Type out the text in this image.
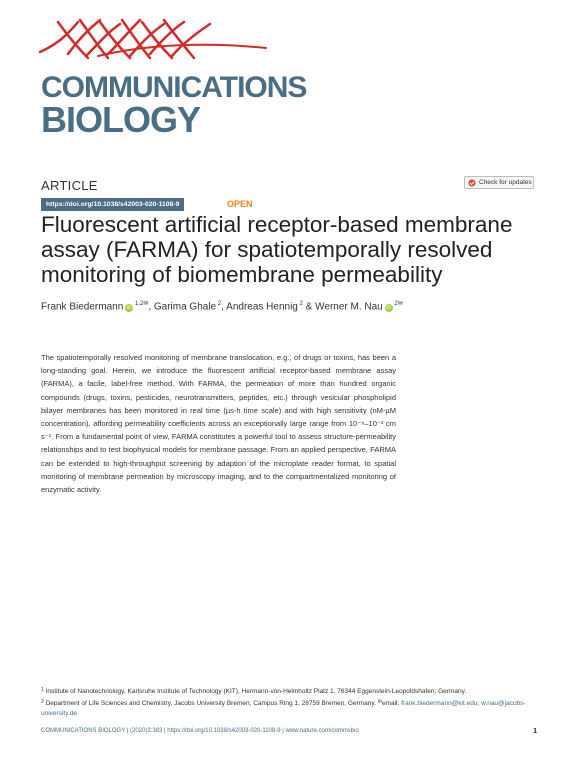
COMMUNICATIONS
BIOLOGY
ARTICLE	Check for updates
https://doi.org/10.1038/s42003-020-1108-9	OPEN
Fluorescent artificial receptor-based membrane assay (FARMA) for spatiotemporally resolved monitoring of biomembrane permeability
Frank Biedermann iD $^{1,2✉}$, Garima Ghale $^2$, Andreas Hennig $^2$ & Werner M. Nau iD $^{2✉}$

The spatiotemporally resolved monitoring of membrane translocation, e.g., of drugs or toxins, has been a long-standing goal. Herein, we introduce the fluorescent artificial receptor-based membrane assay (FARMA), a facile, label-free method. With FARMA, the permeation of more than hundred organic compounds (drugs, toxins, pesticides, neurotransmitters, peptides, etc.) through vesicular phospholipid bilayer membranes has been monitored in real time (µs-h time scale) and with high sensitivity (nM-µM concentration), affording permeability coefficients across an exceptionally large range from 10⁻⁹–10⁻³ cm s⁻¹. From a fundamental point of view, FARMA constitutes a powerful tool to assess structure-permeability relationships and to test biophysical models for membrane passage. From an applied perspective, FARMA can be extended to high-throughput screening by adaption of the microplate reader format, to spatial monitoring of membrane permeation by microscopy imaging, and to the compartmentalized monitoring of enzymatic activity.

$^1$ Institute of Nanotechnology, Karlsruhe Institute of Technology (KIT), Hermann-von-Helmholtz Platz 1, 76344 Eggenstein-Leopoldshafen, Germany.
$^2$ Department of Life Sciences and Chemistry, Jacobs University Bremen, Campus Ring 1, 28759 Bremen, Germany. ✉email: frank.biedermann@kit.edu; w.nau@jacobs-university.de
COMMUNICATIONS BIOLOGY | (2020)3:383 | https://doi.org/10.1038/s42003-020-1108-9 | www.nature.com/commsbio	1
